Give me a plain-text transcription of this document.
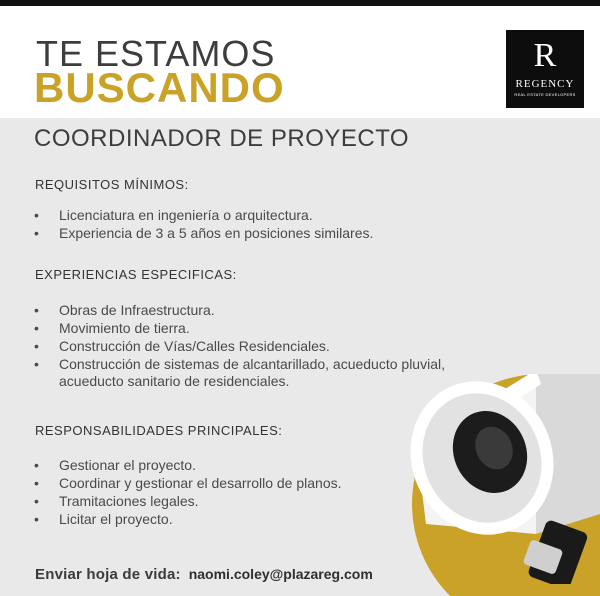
TE ESTAMOS
BUSCANDO
R
REGENCY
REAL ESTATE DEVELOPERS
COORDINADOR DE PROYECTO
REQUISITOS MÍNIMOS:
• Licenciatura en ingeniería o arquitectura.
• Experiencia de 3 a 5 años en posiciones similares.
EXPERIENCIAS ESPECIFICAS:
• Obras de Infraestructura.
• Movimiento de tierra.
• Construcción de Vías/Calles Residenciales.
• Construcción de sistemas de alcantarillado, acueducto pluvial, acueducto sanitario de residenciales.
RESPONSABILIDADES PRINCIPALES:
• Gestionar el proyecto.
• Coordinar y gestionar el desarrollo de planos.
• Tramitaciones legales.
• Licitar el proyecto.
Enviar hoja de vida: naomi.coley@plazareg.com
